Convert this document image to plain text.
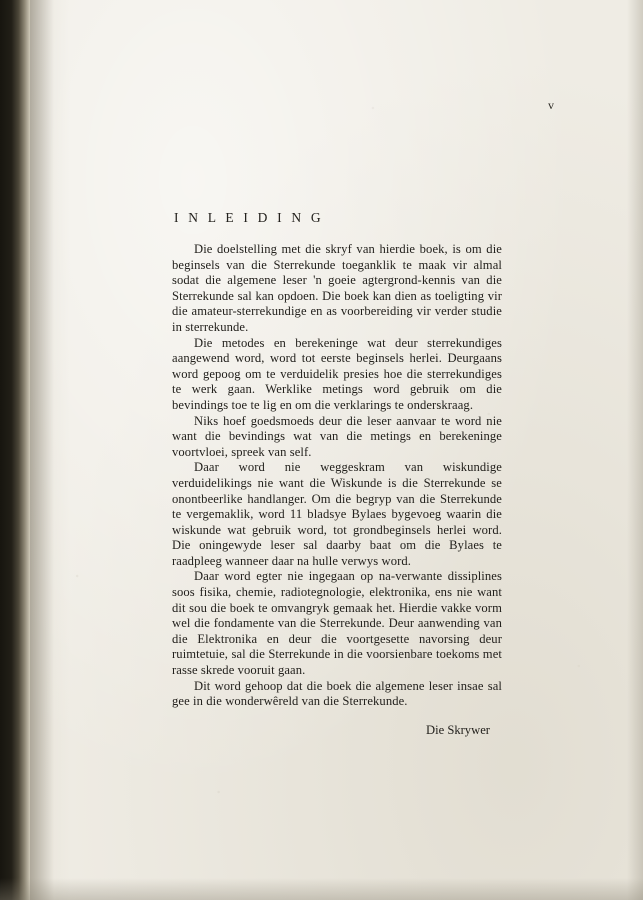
v
I N L E I D I N G

Die doelstelling met die skryf van hierdie boek, is om die beginsels van die Sterrekunde toeganklik te maak vir almal sodat die algemene leser 'n goeie agtergrond-kennis van die Sterrekunde sal kan opdoen. Die boek kan dien as toeligting vir die amateur-sterrekundige en as voorbereiding vir verder studie in sterrekunde.

Die metodes en berekeninge wat deur sterrekundiges aangewend word, word tot eerste beginsels herlei. Deurgaans word gepoog om te verduidelik presies hoe die sterrekundiges te werk gaan. Werklike metings word gebruik om die bevindings toe te lig en om die verklarings te onderskraag.

Niks hoef goedsmoeds deur die leser aanvaar te word nie want die bevindings wat van die metings en berekeninge voortvloei, spreek van self.

Daar word nie weggeskram van wiskundige verduidelikings nie want die Wiskunde is die Sterrekunde se onontbeerlike handlanger. Om die begryp van die Sterrekunde te vergemaklik, word 11 bladsye Bylaes bygevoeg waarin die wiskunde wat gebruik word, tot grondbeginsels herlei word. Die oningewyde leser sal daarby baat om die Bylaes te raadpleeg wanneer daar na hulle verwys word.

Daar word egter nie ingegaan op na-verwante dissiplines soos fisika, chemie, radiotegnologie, elektronika, ens nie want dit sou die boek te omvangryk gemaak het. Hierdie vakke vorm wel die fondamente van die Sterrekunde. Deur aanwending van die Elektronika en deur die voortgesette navorsing deur ruimtetuie, sal die Sterrekunde in die voorsienbare toekoms met rasse skrede vooruit gaan.

Dit word gehoop dat die boek die algemene leser insae sal gee in die wonderwêreld van die Sterrekunde.

Die Skrywer
